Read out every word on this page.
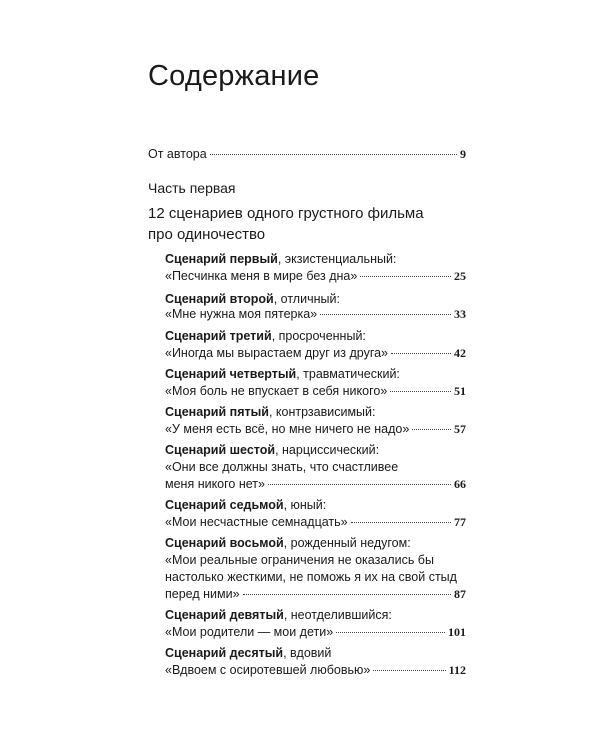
Содержание
От автора	9
Часть первая
12 сценариев одного грустного фильма
про одиночество
Сценарий первый, экзистенциальный:
«Песчинка меня в мире без дна»	25
Сценарий второй, отличный:
«Мне нужна моя пятерка»	33
Сценарий третий, просроченный:
«Иногда мы вырастаем друг из друга»	42
Сценарий четвертый, травматический:
«Моя боль не впускает в себя никого»	51
Сценарий пятый, контрзависимый:
«У меня есть всё, но мне ничего не надо»	57
Сценарий шестой, нарциссический:
«Они все должны знать, что счастливее
меня никого нет»	66
Сценарий седьмой, юный:
«Мои несчастные семнадцать»	77
Сценарий восьмой, рожденный недугом:
«Мои реальные ограничения не оказались бы
настолько жесткими, не поможь я их на свой стыд
перед ними»	87
Сценарий девятый, неотделившийся:
«Мои родители — мои дети»	101
Сценарий десятый, вдовий
«Вдвоем с осиротевшей любовью»	112
